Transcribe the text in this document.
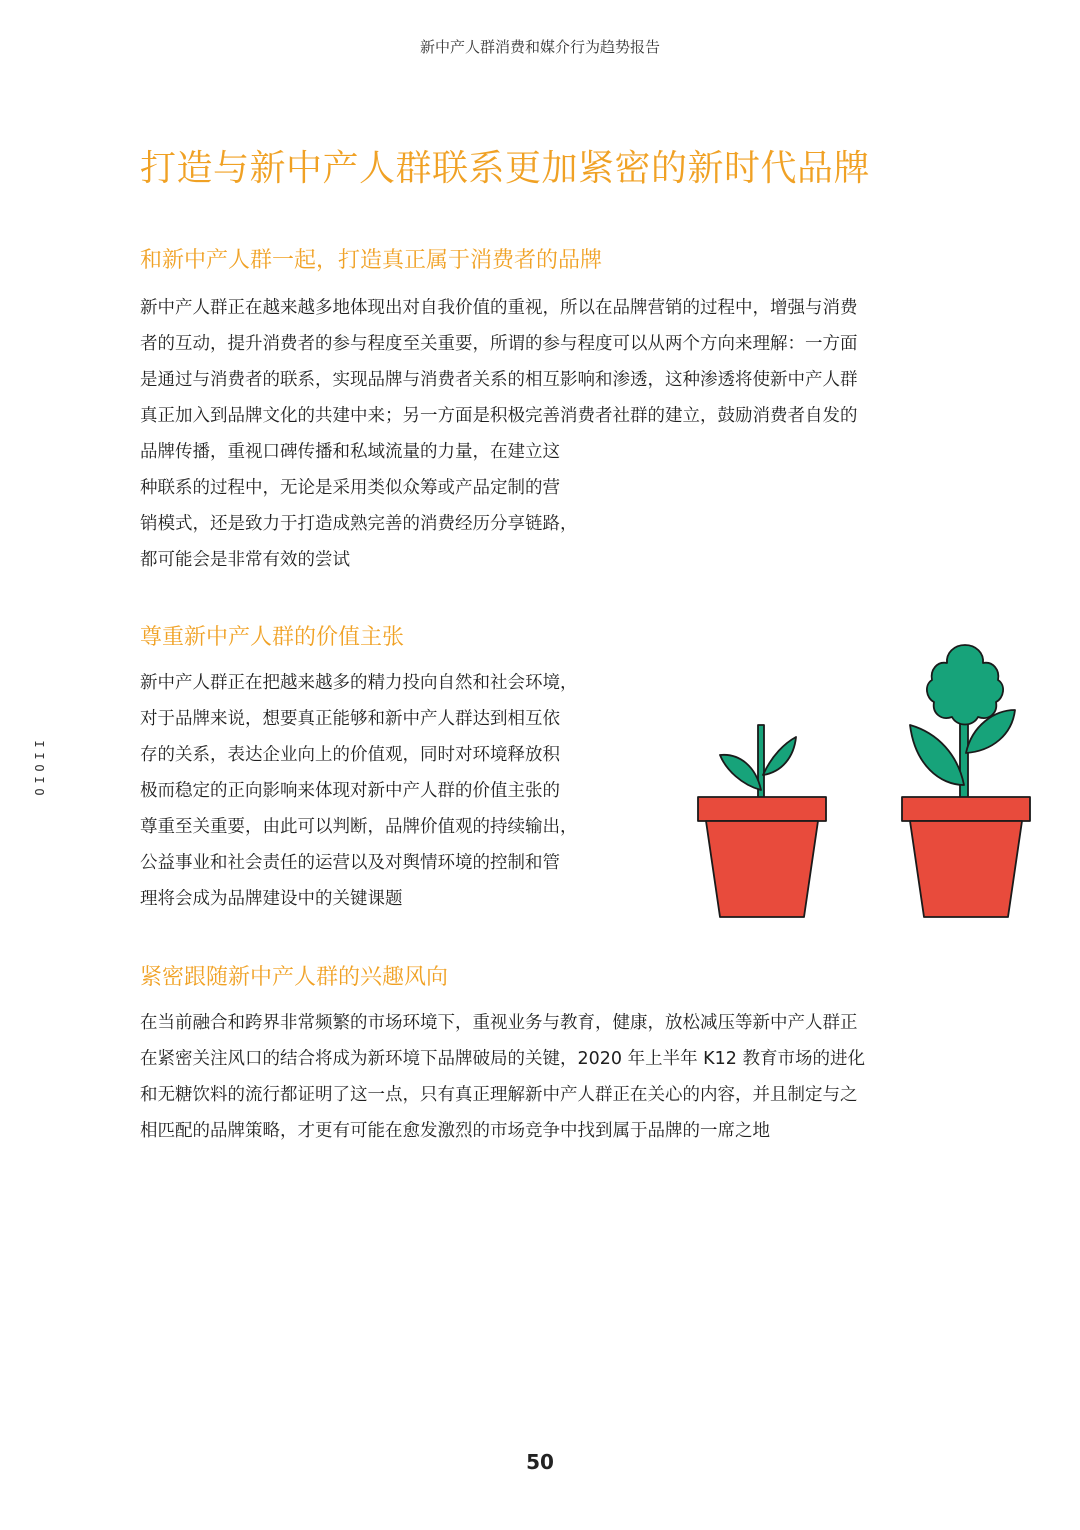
新中产人群消费和媒介行为趋势报告
打造与新中产人群联系更加紧密的新时代品牌
和新中产人群一起，打造真正属于消费者的品牌

新中产人群正在越来越多地体现出对自我价值的重视，所以在品牌营销的过程中，增强与消费
者的互动，提升消费者的参与程度至关重要，所谓的参与程度可以从两个方向来理解：一方面
是通过与消费者的联系，实现品牌与消费者关系的相互影响和渗透，这种渗透将使新中产人群
真正加入到品牌文化的共建中来；另一方面是积极完善消费者社群的建立，鼓励消费者自发的
品牌传播，重视口碑传播和私域流量的力量，在建立这
种联系的过程中，无论是采用类似众筹或产品定制的营
销模式，还是致力于打造成熟完善的消费经历分享链路，
都可能会是非常有效的尝试

尊重新中产人群的价值主张

新中产人群正在把越来越多的精力投向自然和社会环境，
对于品牌来说，想要真正能够和新中产人群达到相互依
存的关系，表达企业向上的价值观，同时对环境释放积
极而稳定的正向影响来体现对新中产人群的价值主张的
尊重至关重要，由此可以判断，品牌价值观的持续输出，
公益事业和社会责任的运营以及对舆情环境的控制和管
理将会成为品牌建设中的关键课题

紧密跟随新中产人群的兴趣风向

在当前融合和跨界非常频繁的市场环境下，重视业务与教育，健康，放松减压等新中产人群正
在紧密关注风口的结合将成为新环境下品牌破局的关键，2020 年上半年 K12 教育市场的进化
和无糖饮料的流行都证明了这一点，只有真正理解新中产人群正在关心的内容，并且制定与之
相匹配的品牌策略，才更有可能在愈发激烈的市场竞争中找到属于品牌的一席之地

I
I
O
I
O
50
